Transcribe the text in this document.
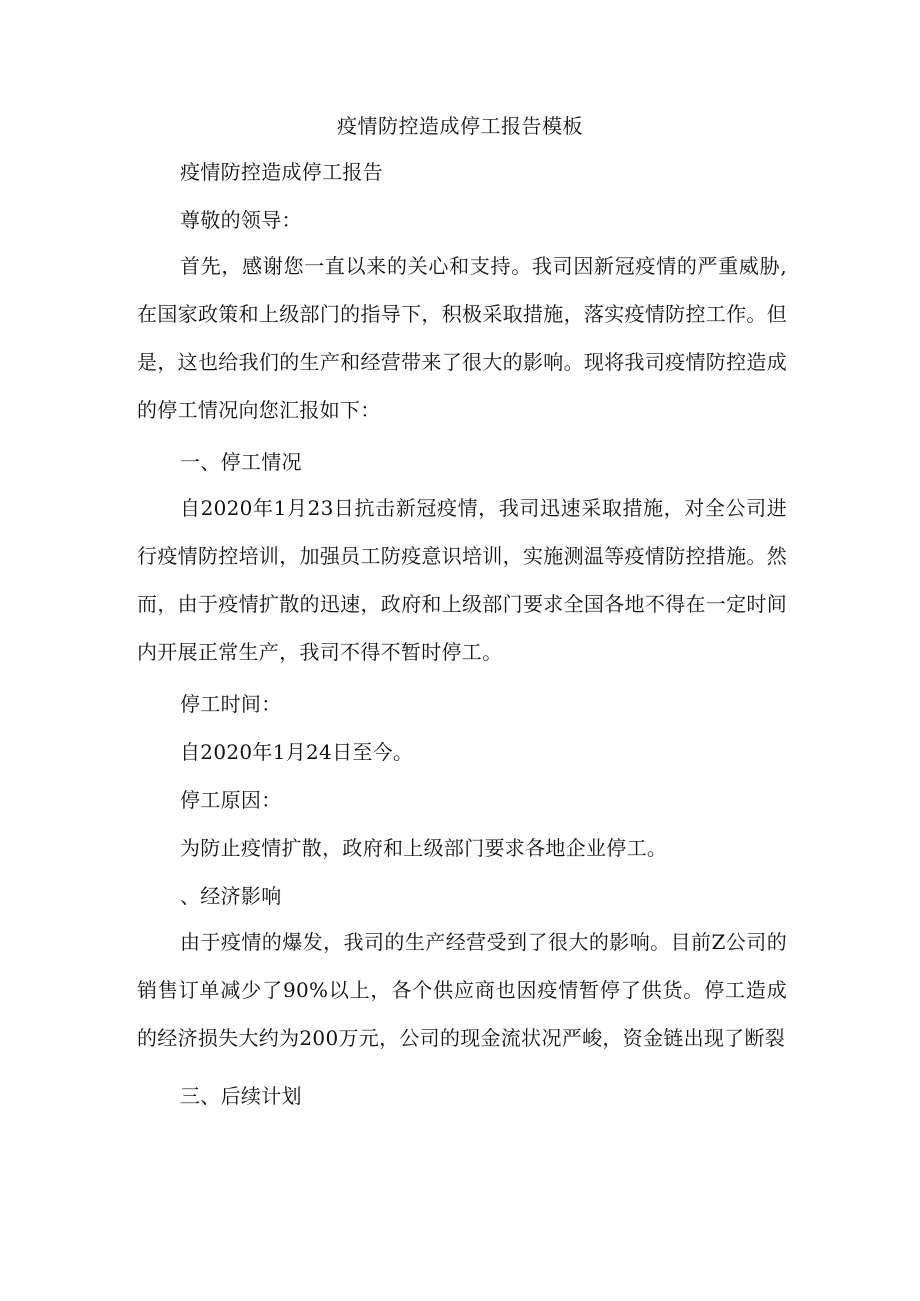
疫情防控造成停工报告模板
疫情防控造成停工报告
尊敬的领导：
首先，感谢您一直以来的关心和支持。我司因新冠疫情的严重威胁,在国家政策和上级部门的指导下，积极采取措施，落实疫情防控工作。但是，这也给我们的生产和经营带来了很大的影响。现将我司疫情防控造成的停工情况向您汇报如下：
一、停工情况
自2020年1月23日抗击新冠疫情，我司迅速采取措施，对全公司进行疫情防控培训，加强员工防疫意识培训，实施测温等疫情防控措施。然而，由于疫情扩散的迅速，政府和上级部门要求全国各地不得在一定时间内开展正常生产，我司不得不暂时停工。
停工时间：
自2020年1月24日至今。
停工原因：
为防止疫情扩散，政府和上级部门要求各地企业停工。
、经济影响
由于疫情的爆发，我司的生产经营受到了很大的影响。目前Z公司的销售订单减少了90%以上，各个供应商也因疫情暂停了供货。停工造成的经济损失大约为200万元，公司的现金流状况严峻，资金链出现了断裂
三、后续计划
